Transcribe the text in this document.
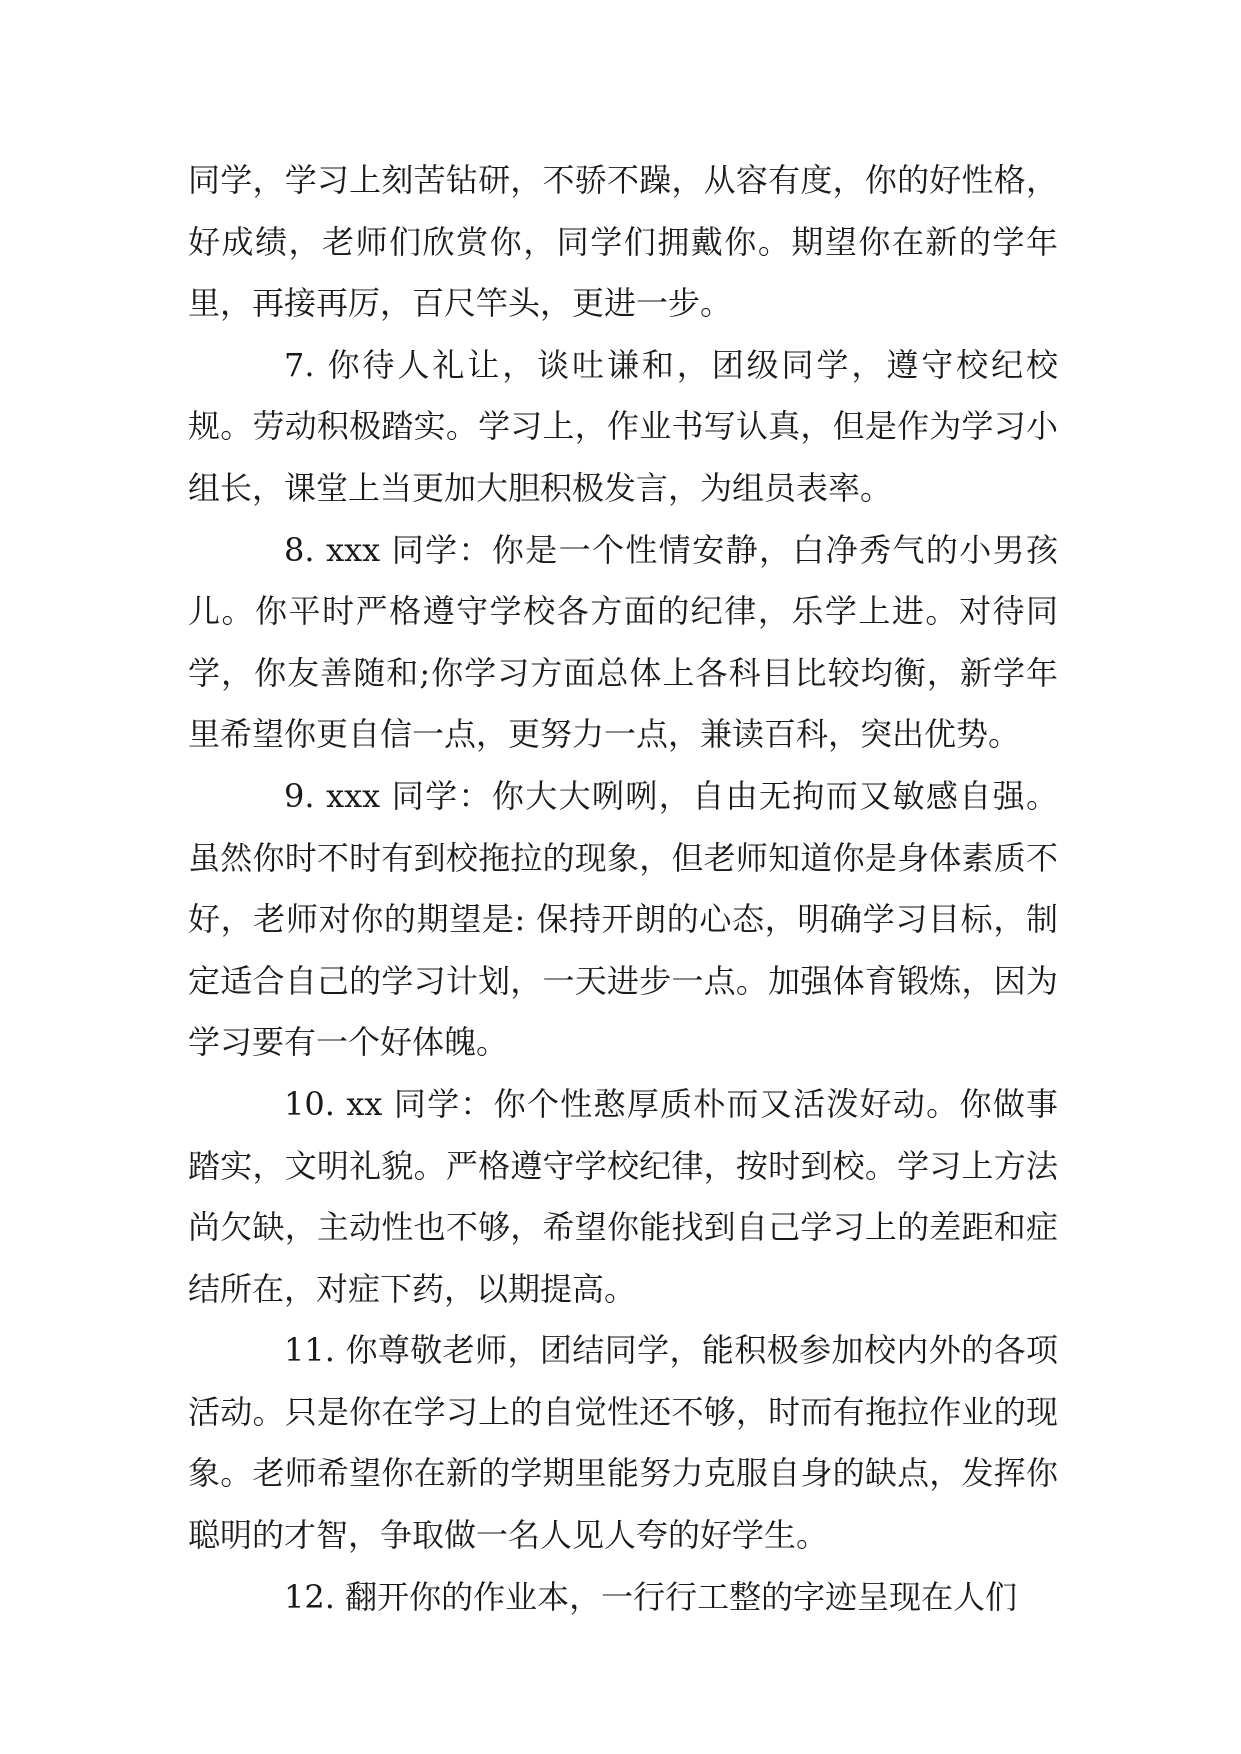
同学，学习上刻苦钻研，不骄不躁，从容有度，你的好性格，好成绩，老师们欣赏你，同学们拥戴你。期望你在新的学年里，再接再厉，百尺竿头，更进一步。

7. 你待人礼让，谈吐谦和，团级同学，遵守校纪校规。劳动积极踏实。学习上，作业书写认真，但是作为学习小组长，课堂上当更加大胆积极发言，为组员表率。

8. xxx 同学：你是一个性情安静，白净秀气的小男孩儿。你平时严格遵守学校各方面的纪律，乐学上进。对待同学，你友善随和;你学习方面总体上各科目比较均衡，新学年里希望你更自信一点，更努力一点，兼读百科，突出优势。

9. xxx 同学：你大大咧咧，自由无拘而又敏感自强。虽然你时不时有到校拖拉的现象，但老师知道你是身体素质不好，老师对你的期望是: 保持开朗的心态，明确学习目标，制定适合自己的学习计划，一天进步一点。加强体育锻炼，因为学习要有一个好体魄。

10. xx 同学：你个性憨厚质朴而又活泼好动。你做事踏实，文明礼貌。严格遵守学校纪律，按时到校。学习上方法尚欠缺，主动性也不够，希望你能找到自己学习上的差距和症结所在，对症下药，以期提高。

11. 你尊敬老师，团结同学，能积极参加校内外的各项活动。只是你在学习上的自觉性还不够，时而有拖拉作业的现象。老师希望你在新的学期里能努力克服自身的缺点，发挥你聪明的才智，争取做一名人见人夸的好学生。

12. 翻开你的作业本，一行行工整的字迹呈现在人们
